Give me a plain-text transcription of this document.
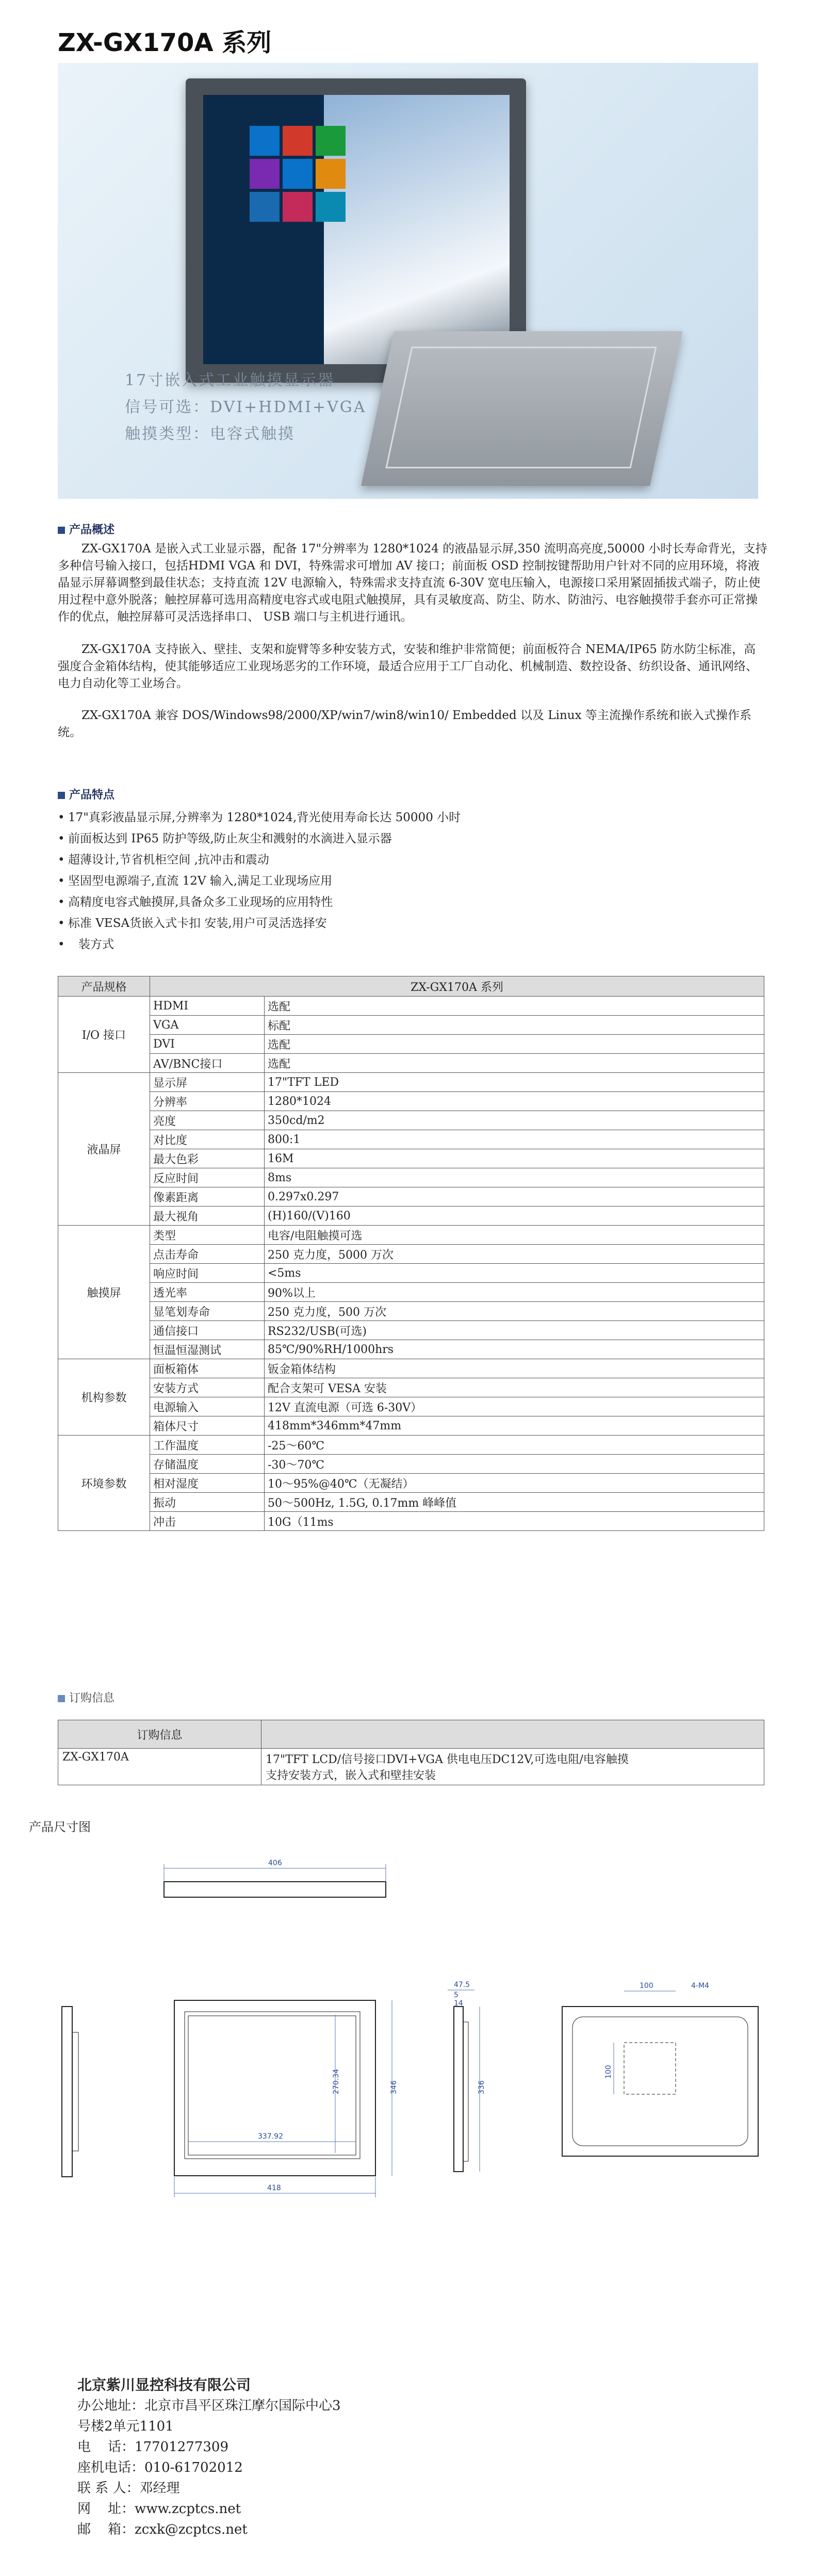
ZX-GX170A 系列
17寸嵌入式工业触摸显示器
信号可选：DVI+HDMI+VGA
触摸类型：电容式触摸
产品概述

ZX-GX170A 是嵌入式工业显示器，配备 17"分辨率为 1280*1024 的液晶显示屏,350 流明高亮度,50000 小时长寿命背光，支持多种信号输入接口，包括HDMI VGA 和 DVI，特殊需求可增加 AV 接口；前面板 OSD 控制按键帮助用户针对不同的应用环境，将液晶显示屏幕调整到最佳状态；支持直流 12V 电源输入，特殊需求支持直流 6-30V 宽电压输入，电源接口采用紧固插拔式端子，防止使用过程中意外脱落；触控屏幕可选用高精度电容式或电阻式触摸屏，具有灵敏度高、防尘、防水、防油污、电容触摸带手套亦可正常操作的优点，触控屏幕可灵活选择串口、 USB 端口与主机进行通讯。

ZX-GX170A 支持嵌入、壁挂、支架和旋臂等多种安装方式，安装和维护非常简便；前面板符合 NEMA/IP65 防水防尘标准，高强度合金箱体结构，使其能够适应工业现场恶劣的工作环境，最适合应用于工厂自动化、机械制造、数控设备、纺织设备、通讯网络、电力自动化等工业场合。

ZX-GX170A 兼容 DOS/Windows98/2000/XP/win7/win8/win10/ Embedded 以及 Linux 等主流操作系统和嵌入式操作系统。

产品特点
• 17"真彩液晶显示屏,分辨率为 1280*1024,背光使用寿命长达 50000 小时
• 前面板达到 IP65 防护等级,防止灰尘和溅射的水滴进入显示器
• 超薄设计,节省机柜空间 ,抗冲击和震动
• 坚固型电源端子,直流 12V 输入,满足工业现场应用
• 高精度电容式触摸屏,具备众多工业现场的应用特性
• 标准 VESA货嵌入式卡扣 安装,用户可灵活选择安
• 装方式
产品规格	ZX-GX170A 系列	
I/O 接口	HDMI	选配
	VGA	标配
	DVI	选配
	AV/BNC接口	选配
液晶屏	显示屏	17"TFT LED
	分辨率	1280*1024
	亮度	350cd/m2
	对比度	800:1
	最大色彩	16M
	反应时间	8ms
	像素距离	0.297x0.297
	最大视角	(H)160/(V)160
触摸屏	类型	电容/电阻触摸可选
	点击寿命	250 克力度，5000 万次
	响应时间	<5ms
	透光率	90%以上
	显笔划寿命	250 克力度，500 万次
	通信接口	RS232/USB(可选)
	恒温恒湿测试	85℃/90%RH/1000hrs
机构参数	面板箱体	钣金箱体结构
	安装方式	配合支架可 VESA 安装
	电源输入	12V 直流电源（可选 6-30V）
	箱体尺寸	418mm*346mm*47mm
环境参数	工作温度	-25～60℃
	存储温度	-30～70℃
	相对湿度	10～95%@40℃（无凝结）
	振动	50～500Hz, 1.5G, 0.17mm 峰峰值
	冲击	10G（11ms
订购信息
订购信息	
ZX-GX170A	17"TFT LCD/信号接口DVI+VGA 供电电压DC12V,可选电阻/电容触摸
支持安装方式，嵌入式和壁挂安装
产品尺寸图
406
270.34	346
337.92
418
47.5
5
14
336
100	4-M4
100
北京紫川显控科技有限公司
办公地址：北京市昌平区珠江摩尔国际中心3
号楼2单元1101
电    话：17701277309
座机电话：010-61702012
联 系 人：邓经理
网    址：www.zcptcs.net
邮    箱：zcxk@zcptcs.net
